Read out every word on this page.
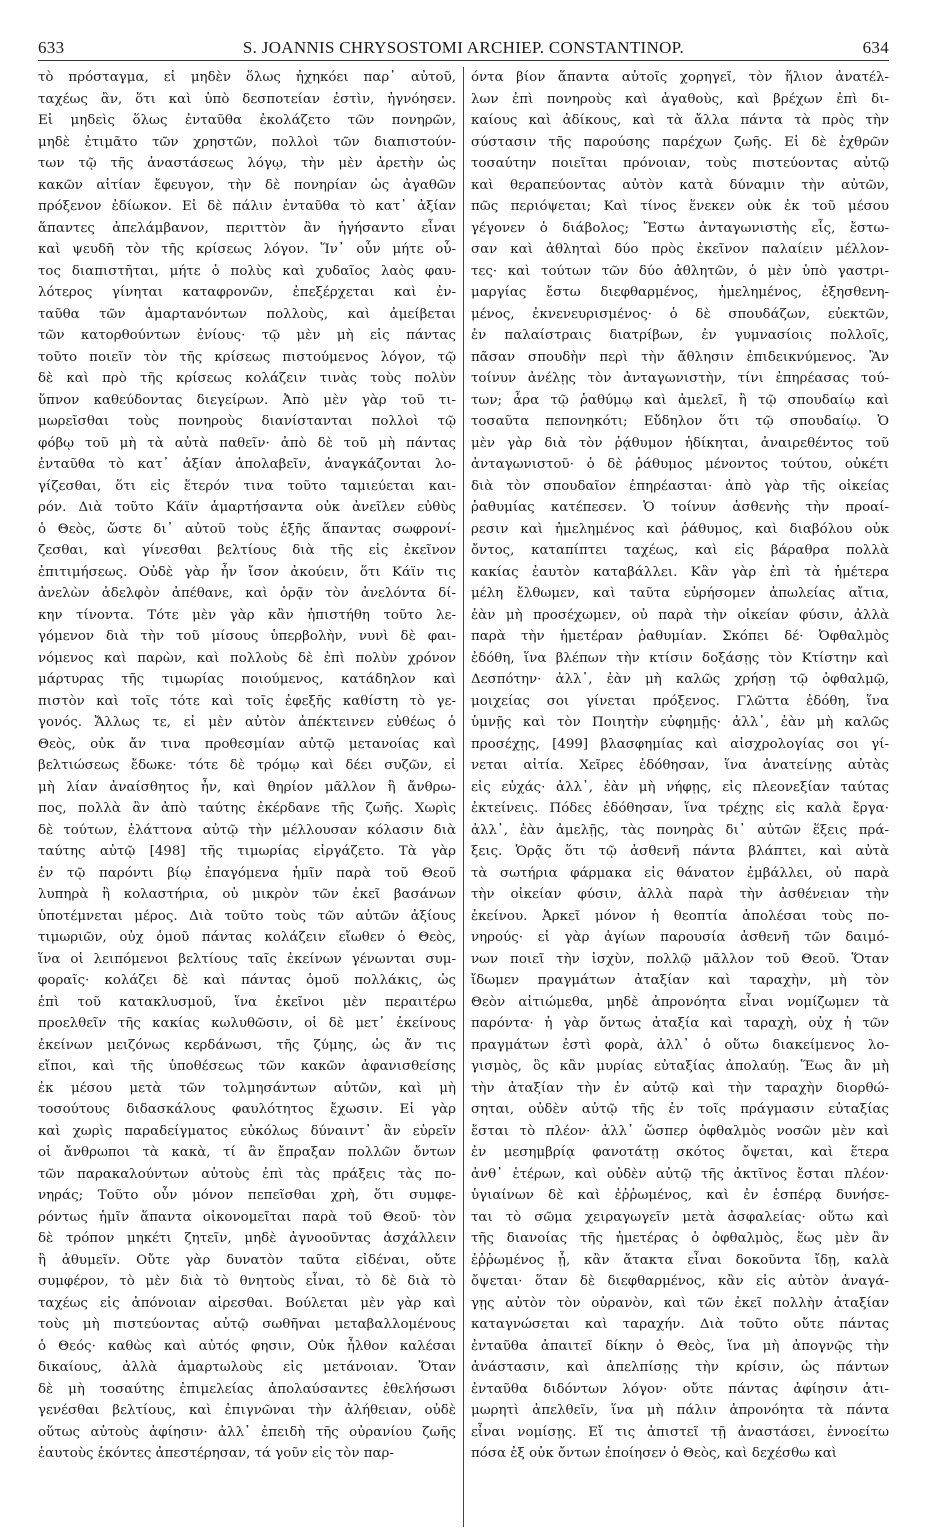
633	S. JOANNIS CHRYSOSTOMI ARCHIEP. CONSTANTINOP.	634
τὸ πρόσταγμα, εἰ μηδὲν ὅλως ἠχηκόει παρ᾽ αὐτοῦ,
ταχέως ἂν, ὅτι καὶ ὑπὸ δεσποτείαν ἐστὶν, ἠγνόησεν.
Εἰ μηδεὶς ὅλως ἐνταῦθα ἐκολάζετο τῶν πονηρῶν,
μηδὲ ἐτιμᾶτο τῶν χρηστῶν, πολλοὶ τῶν διαπιστούν-
των τῷ τῆς ἀναστάσεως λόγῳ, τὴν μὲν ἀρετὴν ὡς
κακῶν αἰτίαν ἔφευγον, τὴν δὲ πονηρίαν ὡς ἀγαθῶν
πρόξενον ἐδίωκον. Εἰ δὲ πάλιν ἐνταῦθα τὸ κατ᾽ ἀξίαν
ἅπαντες ἀπελάμβανον, περιττὸν ἂν ἡγήσαντο εἶναι
καὶ ψευδῆ τὸν τῆς κρίσεως λόγον. Ἵν᾽ οὖν μήτε οὗ-
τος διαπιστῆται, μήτε ὁ πολὺς καὶ χυδαῖος λαὸς φαυ-
λότερος γίνηται καταφρονῶν, ἐπεξέρχεται καὶ ἐν-
ταῦθα τῶν ἁμαρτανόντων πολλοὺς, καὶ ἀμείβεται
τῶν κατορθούντων ἐνίους· τῷ μὲν μὴ εἰς πάντας
τοῦτο ποιεῖν τὸν τῆς κρίσεως πιστούμενος λόγον, τῷ
δὲ καὶ πρὸ τῆς κρίσεως κολάζειν τινὰς τοὺς πολὺν
ὕπνον καθεύδοντας διεγείρων. Ἀπὸ μὲν γὰρ τοῦ τι-
μωρεῖσθαι τοὺς πονηροὺς διανίστανται πολλοὶ τῷ
φόβῳ τοῦ μὴ τὰ αὐτὰ παθεῖν· ἀπὸ δὲ τοῦ μὴ πάντας
ἐνταῦθα τὸ κατ᾽ ἀξίαν ἀπολαβεῖν, ἀναγκάζονται λο-
γίζεσθαι, ὅτι εἰς ἕτερόν τινα τοῦτο ταμιεύεται και-
ρόν. Διὰ τοῦτο Κάϊν ἁμαρτήσαντα οὐκ ἀνεῖλεν εὐθὺς
ὁ Θεὸς, ὥστε δι᾽ αὐτοῦ τοὺς ἑξῆς ἅπαντας σωφρονί-
ζεσθαι, καὶ γίνεσθαι βελτίους διὰ τῆς εἰς ἐκεῖνον
ἐπιτιμήσεως. Οὐδὲ γὰρ ἦν ἴσον ἀκούειν, ὅτι Κάϊν τις
ἀνελὼν ἀδελφὸν ἀπέθανε, καὶ ὁρᾷν τὸν ἀνελόντα δί-
κην τίνοντα. Τότε μὲν γὰρ κἂν ἠπιστήθη τοῦτο λε-
γόμενον διὰ τὴν τοῦ μίσους ὑπερβολὴν, νυνὶ δὲ φαι-
νόμενος καὶ παρὼν, καὶ πολλοὺς δὲ ἐπὶ πολὺν χρόνον
μάρτυρας τῆς τιμωρίας ποιούμενος, κατάδηλον καὶ
πιστὸν καὶ τοῖς τότε καὶ τοῖς ἐφεξῆς καθίστη τὸ γε-
γονός. Ἄλλως τε, εἰ μὲν αὐτὸν ἀπέκτεινεν εὐθέως ὁ
Θεὸς, οὐκ ἄν τινα προθεσμίαν αὐτῷ μετανοίας καὶ
βελτιώσεως ἔδωκε· τότε δὲ τρόμῳ καὶ δέει συζῶν, εἰ
μὴ λίαν ἀναίσθητος ἦν, καὶ θηρίον μᾶλλον ἢ ἄνθρω-
πος, πολλὰ ἂν ἀπὸ ταύτης ἐκέρδανε τῆς ζωῆς. Χωρὶς
δὲ τούτων, ἐλάττονα αὐτῷ τὴν μέλλουσαν κόλασιν διὰ
ταύτης αὐτῷ [498] τῆς τιμωρίας εἰργάζετο. Τὰ γὰρ
ἐν τῷ παρόντι βίῳ ἐπαγόμενα ἡμῖν παρὰ τοῦ Θεοῦ
λυπηρὰ ἢ κολαστήρια, οὐ μικρὸν τῶν ἐκεῖ βασάνων
ὑποτέμνεται μέρος. Διὰ τοῦτο τοὺς τῶν αὐτῶν ἀξίους
τιμωριῶν, οὐχ ὁμοῦ πάντας κολάζειν εἴωθεν ὁ Θεὸς,
ἵνα οἱ λειπόμενοι βελτίους ταῖς ἐκείνων γένωνται συμ-
φοραῖς· κολάζει δὲ καὶ πάντας ὁμοῦ πολλάκις, ὡς
ἐπὶ τοῦ κατακλυσμοῦ, ἵνα ἐκεῖνοι μὲν περαιτέρω
προελθεῖν τῆς κακίας κωλυθῶσιν, οἱ δὲ μετ᾽ ἐκείνους
ἐκείνων μειζόνως κερδάνωσι, τῆς ζύμης, ὡς ἄν τις
εἴποι, καὶ τῆς ὑποθέσεως τῶν κακῶν ἀφανισθείσης
ἐκ μέσου μετὰ τῶν τολμησάντων αὐτῶν, καὶ μὴ
τοσούτους διδασκάλους φαυλότητος ἔχωσιν. Εἰ γὰρ
καὶ χωρὶς παραδείγματος εὐκόλως δύναιντ᾽ ἂν εὑρεῖν
οἱ ἄνθρωποι τὰ κακὰ, τί ἂν ἔπραξαν πολλῶν ὄντων
τῶν παρακαλούντων αὐτοὺς ἐπὶ τὰς πράξεις τὰς πο-
νηράς; Τοῦτο οὖν μόνον πεπεῖσθαι χρὴ, ὅτι συμφε-
ρόντως ἡμῖν ἅπαντα οἰκονομεῖται παρὰ τοῦ Θεοῦ· τὸν
δὲ τρόπον μηκέτι ζητεῖν, μηδὲ ἀγνοοῦντας ἀσχάλλειν
ἢ ἀθυμεῖν. Οὔτε γὰρ δυνατὸν ταῦτα εἰδέναι, οὔτε
συμφέρον, τὸ μὲν διὰ τὸ θνητοὺς εἶναι, τὸ δὲ διὰ τὸ
ταχέως εἰς ἀπόνοιαν αἱρεσθαι. Βούλεται μὲν γὰρ καὶ
τοὺς μὴ πιστεύοντας αὐτῷ σωθῆναι μεταβαλλομένους
ὁ Θεός· καθὼς καὶ αὐτός φησιν, Οὐκ ἦλθον καλέσαι
δικαίους, ἀλλὰ ἁμαρτωλοὺς εἰς μετάνοιαν. Ὅταν
δὲ μὴ τοσαύτης ἐπιμελείας ἀπολαύσαντες ἐθελήσωσι
γενέσθαι βελτίους, καὶ ἐπιγνῶναι τὴν ἀλήθειαν, οὐδὲ
οὕτως αὐτοὺς ἀφίησιν· ἀλλ᾽ ἐπειδὴ τῆς οὐρανίου ζωῆς
ἑαυτοὺς ἑκόντες ἀπεστέρησαν, τά γοῦν εἰς τὸν παρ-
όντα βίον ἅπαντα αὐτοῖς χορηγεῖ, τὸν ἥλιον ἀνατέλ-
λων ἐπὶ πονηροὺς καὶ ἀγαθοὺς, καὶ βρέχων ἐπὶ δι-
καίους καὶ ἀδίκους, καὶ τὰ ἄλλα πάντα τὰ πρὸς τὴν
σύστασιν τῆς παρούσης παρέχων ζωῆς. Εἰ δὲ ἐχθρῶν
τοσαύτην ποιεῖται πρόνοιαν, τοὺς πιστεύοντας αὐτῷ
καὶ θεραπεύοντας αὐτὸν κατὰ δύναμιν τὴν αὐτῶν,
πῶς περιόψεται; Καὶ τίνος ἕνεκεν οὐκ ἐκ τοῦ μέσου
γέγονεν ὁ διάβολος; Ἔστω ἀνταγωνιστὴς εἷς, ἔστω-
σαν καὶ ἀθληταὶ δύο πρὸς ἐκεῖνον παλαίειν μέλλον-
τες· καὶ τούτων τῶν δύο ἀθλητῶν, ὁ μὲν ὑπὸ γαστρι-
μαργίας ἔστω διεφθαρμένος, ἠμελημένος, ἐξησθενη-
μένος, ἐκνενευρισμένος· ὁ δὲ σπουδάζων, εὐεκτῶν,
ἐν παλαίστραις διατρίβων, ἐν γυμνασίοις πολλοῖς,
πᾶσαν σπουδὴν περὶ τὴν ἄθλησιν ἐπιδεικνύμενος. Ἂν
τοίνυν ἀνέλῃς τὸν ἀνταγωνιστὴν, τίνι ἐπηρέασας τού-
των; ἆρα τῷ ῥαθύμῳ καὶ ἀμελεῖ, ἢ τῷ σπουδαίῳ καὶ
τοσαῦτα πεπονηκότι; Εὔδηλον ὅτι τῷ σπουδαίῳ. Ὁ
μὲν γὰρ διὰ τὸν ῥᾴθυμον ἡδίκηται, ἀναιρεθέντος τοῦ
ἀνταγωνιστοῦ· ὁ δὲ ῥάθυμος μένοντος τούτου, οὐκέτι
διὰ τὸν σπουδαῖον ἐπηρέασται· ἀπὸ γὰρ τῆς οἰκείας
ῥαθυμίας κατέπεσεν. Ὁ τοίνυν ἀσθενὴς τὴν προαί-
ρεσιν καὶ ἠμελημένος καὶ ῥάθυμος, καὶ διαβόλου οὐκ
ὄντος, καταπίπτει ταχέως, καὶ εἰς βάραθρα πολλὰ
κακίας ἑαυτὸν καταβάλλει. Κἂν γὰρ ἐπὶ τὰ ἡμέτερα
μέλη ἔλθωμεν, καὶ ταῦτα εὑρήσομεν ἀπωλείας αἴτια,
ἐὰν μὴ προσέχωμεν, οὐ παρὰ τὴν οἰκείαν φύσιν, ἀλλὰ
παρὰ τὴν ἡμετέραν ῥαθυμίαν. Σκόπει δέ· Ὀφθαλμὸς
ἐδόθη, ἵνα βλέπων τὴν κτίσιν δοξάσῃς τὸν Κτίστην καὶ
Δεσπότην· ἀλλ᾽, ἐὰν μὴ καλῶς χρήσῃ τῷ ὀφθαλμῷ,
μοιχείας σοι γίνεται πρόξενος. Γλῶττα ἐδόθη, ἵνα
ὑμνῇς καὶ τὸν Ποιητὴν εὐφημῇς· ἀλλ᾽, ἐὰν μὴ καλῶς
προσέχῃς, [499] βλασφημίας καὶ αἰσχρολογίας σοι γί-
νεται αἰτία. Χεῖρες ἐδόθησαν, ἵνα ἀνατείνῃς αὐτὰς
εἰς εὐχάς· ἀλλ᾽, ἐὰν μὴ νήφῃς, εἰς πλεονεξίαν ταύτας
ἐκτείνεις. Πόδες ἐδόθησαν, ἵνα τρέχῃς εἰς καλὰ ἔργα·
ἀλλ᾽, ἐὰν ἀμελῇς, τὰς πονηρὰς δι᾽ αὐτῶν ἕξεις πρά-
ξεις. Ὁρᾷς ὅτι τῷ ἀσθενῆ πάντα βλάπτει, καὶ αὐτὰ
τὰ σωτήρια φάρμακα εἰς θάνατον ἐμβάλλει, οὐ παρὰ
τὴν οἰκείαν φύσιν, ἀλλὰ παρὰ τὴν ἀσθένειαν τὴν
ἐκείνου. Ἀρκεῖ μόνον ἡ θεοπτία ἀπολέσαι τοὺς πο-
νηρούς· εἰ γὰρ ἁγίων παρουσία ἀσθενῆ τῶν δαιμό-
νων ποιεῖ τὴν ἰσχὺν, πολλῷ μᾶλλον τοῦ Θεοῦ. Ὅταν
ἴδωμεν πραγμάτων ἀταξίαν καὶ ταραχὴν, μὴ τὸν
Θεὸν αἰτιώμεθα, μηδὲ ἀπρονόητα εἶναι νομίζωμεν τὰ
παρόντα· ἡ γὰρ ὄντως ἀταξία καὶ ταραχὴ, οὐχ ἡ τῶν
πραγμάτων ἐστὶ φορὰ, ἀλλ᾽ ὁ οὕτω διακείμενος λο-
γισμὸς, ὃς κἂν μυρίας εὐταξίας ἀπολαύῃ. Ἕως ἂν μὴ
τὴν ἀταξίαν τὴν ἐν αὐτῷ καὶ τὴν ταραχὴν διορθώ-
σηται, οὐδὲν αὐτῷ τῆς ἐν τοῖς πράγμασιν εὐταξίας
ἔσται τὸ πλέον· ἀλλ᾽ ὥσπερ ὀφθαλμὸς νοσῶν μὲν καὶ
ἐν μεσημβρίᾳ φανοτάτῃ σκότος ὄψεται, καὶ ἕτερα
ἀνθ᾽ ἑτέρων, καὶ οὐδὲν αὐτῷ τῆς ἀκτῖνος ἔσται πλέον·
ὑγιαίνων δὲ καὶ ἐῤῥωμένος, καὶ ἐν ἑσπέρᾳ δυνήσε-
ται τὸ σῶμα χειραγωγεῖν μετὰ ἀσφαλείας· οὕτω καὶ
τῆς διανοίας τῆς ἡμετέρας ὁ ὀφθαλμὸς, ἕως μὲν ἂν
ἐῤῥωμένος ᾖ, κἂν ἄτακτα εἶναι δοκοῦντα ἴδῃ, καλὰ
ὄψεται· ὅταν δὲ διεφθαρμένος, κἂν εἰς αὐτὸν ἀναγά-
γῃς αὐτὸν τὸν οὐρανὸν, καὶ τῶν ἐκεῖ πολλὴν ἀταξίαν
καταγνώσεται καὶ ταραχήν. Διὰ τοῦτο οὔτε πάντας
ἐνταῦθα ἀπαιτεῖ δίκην ὁ Θεὸς, ἵνα μὴ ἀπογνῷς τὴν
ἀνάστασιν, καὶ ἀπελπίσῃς τὴν κρίσιν, ὡς πάντων
ἐνταῦθα διδόντων λόγον· οὔτε πάντας ἀφίησιν ἀτι-
μωρητὶ ἀπελθεῖν, ἵνα μὴ πάλιν ἀπρονόητα τὰ πάντα
εἶναι νομίσῃς. Εἴ τις ἀπιστεῖ τῇ ἀναστάσει, ἐννοείτω
πόσα ἐξ οὐκ ὄντων ἐποίησεν ὁ Θεὸς, καὶ δεχέσθω καὶ
